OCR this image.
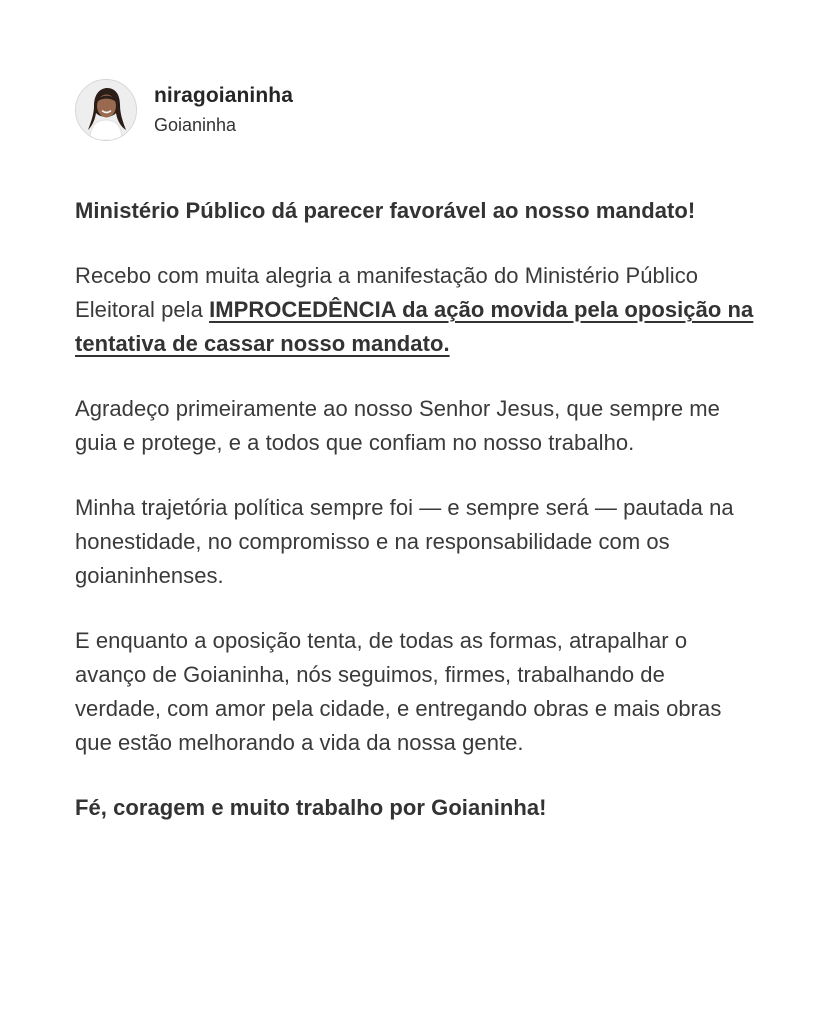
niragoianinha
Goianinha

Ministério Público dá parecer favorável ao nosso mandato!

Recebo com muita alegria a manifestação do Ministério Público Eleitoral pela IMPROCEDÊNCIA da ação movida pela oposição na tentativa de cassar nosso mandato.

Agradeço primeiramente ao nosso Senhor Jesus, que sempre me guia e protege, e a todos que confiam no nosso trabalho.

Minha trajetória política sempre foi — e sempre será — pautada na honestidade, no compromisso e na responsabilidade com os goianinhenses.

E enquanto a oposição tenta, de todas as formas, atrapalhar o avanço de Goianinha, nós seguimos, firmes, trabalhando de verdade, com amor pela cidade, e entregando obras e mais obras que estão melhorando a vida da nossa gente.

Fé, coragem e muito trabalho por Goianinha!
